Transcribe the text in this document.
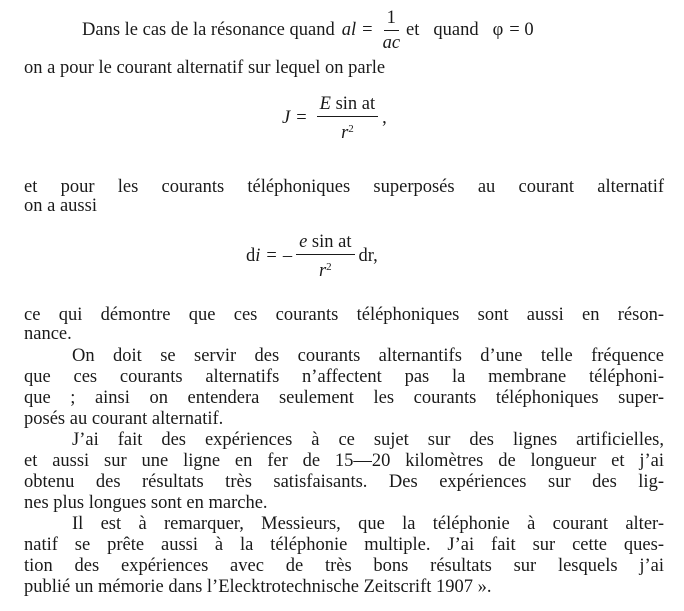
Dans le cas de la résonance quand al = $\frac{1}{ac}$ et quand φ = 0
on a pour le courant alternatif sur lequel on parle
$J = \frac{\text{E sin at}}{r^2}$ ,
et pour les courants téléphoniques superposés au courant alternatif
on a aussi
d i = – $\frac{\text{e sin at}}{r^2}$ dr,
ce qui démontre que ces courants téléphoniques sont aussi en réson-
nance.
On doit se servir des courants alternantifs d’une telle fréquence
que ces courants alternatifs n’affectent pas la membrane téléphoni-
que ; ainsi on entendera seulement les courants téléphoniques super-
posés au courant alternatif.
J’ai fait des expériences à ce sujet sur des lignes artificielles,
et aussi sur une ligne en fer de 15—20 kilomètres de longueur et j’ai
obtenu des résultats très satisfaisants. Des expériences sur des lig-
nes plus longues sont en marche.
Il est à remarquer, Messieurs, que la téléphonie à courant alter-
natif se prête aussi à la téléphonie multiple. J’ai fait sur cette ques-
tion des expériences avec de très bons résultats sur lesquels j’ai
publié un mémorie dans l’Elecktrotechnische Zeitscrift 1907 ».
